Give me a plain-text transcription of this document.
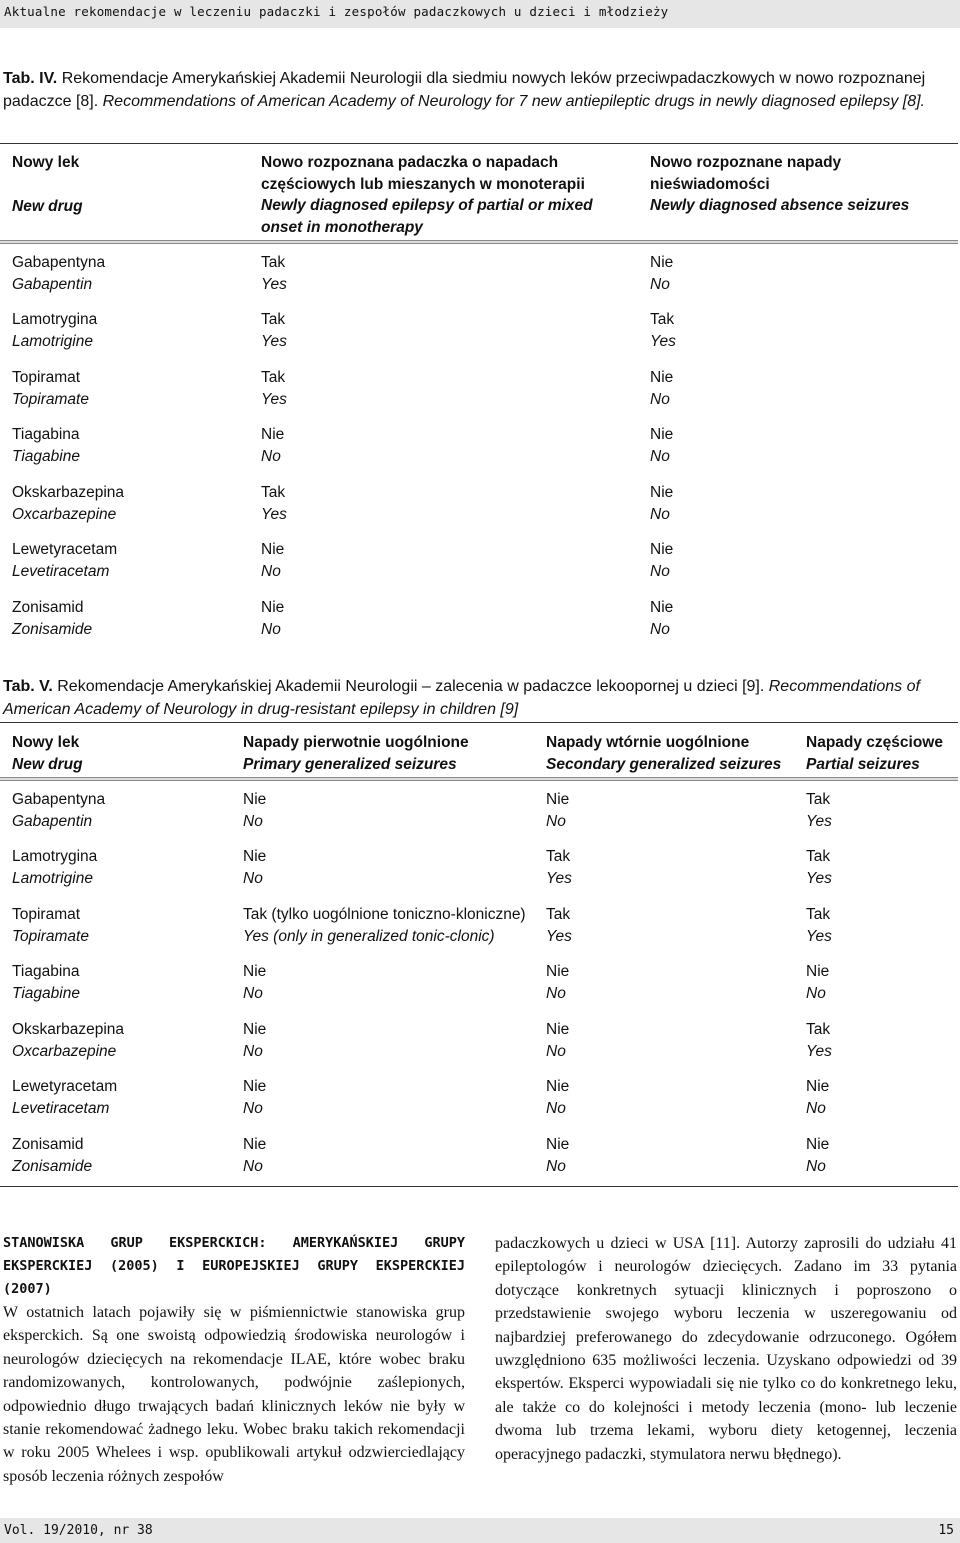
Aktualne rekomendacje w leczeniu padaczki i zespołów padaczkowych u dzieci i młodzieży
Tab. IV. Rekomendacje Amerykańskiej Akademii Neurologii dla siedmiu nowych leków przeciwpadaczkowych w nowo rozpoznanej padaczce [8]. Recommendations of American Academy of Neurology for 7 new antiepileptic drugs in newly diagnosed epilepsy [8].
Nowy lek
New drug
Nowo rozpoznana padaczka o napadach częściowych lub mieszanych w monoterapii
Newly diagnosed epilepsy of partial or mixed onset in monotherapy
Nowo rozpoznane napady nieświadomości
Newly diagnosed absence seizures
Gabapentyna
Gabapentin
Tak
Yes
Nie
No
Lamotrygina
Lamotrigine
Tak
Yes
Tak
Yes
Topiramat
Topiramate
Tak
Yes
Nie
No
Tiagabina
Tiagabine
Nie
No
Nie
No
Okskarbazepina
Oxcarbazepine
Tak
Yes
Nie
No
Lewetyracetam
Levetiracetam
Nie
No
Nie
No
Zonisamid
Zonisamide
Nie
No
Nie
No
Tab. V. Rekomendacje Amerykańskiej Akademii Neurologii – zalecenia w padaczce lekoopornej u dzieci [9]. Recommendations of American Academy of Neurology in drug-resistant epilepsy in children [9]
Nowy lek
New drug
Napady pierwotnie uogólnione
Primary generalized seizures
Napady wtórnie uogólnione
Secondary generalized seizures
Napady częściowe
Partial seizures
Gabapentyna
Gabapentin
Nie
No
Nie
No
Tak
Yes
Lamotrygina
Lamotrigine
Nie
No
Tak
Yes
Tak
Yes
Topiramat
Topiramate
Tak (tylko uogólnione toniczno-kloniczne)
Yes (only in generalized tonic-clonic)
Tak
Yes
Tak
Yes
Tiagabina
Tiagabine
Nie
No
Nie
No
Nie
No
Okskarbazepina
Oxcarbazepine
Nie
No
Nie
No
Tak
Yes
Lewetyracetam
Levetiracetam
Nie
No
Nie
No
Nie
No
Zonisamid
Zonisamide
Nie
No
Nie
No
Nie
No
STANOWISKA GRUP EKSPERCKICH: AMERYKAŃSKIEJ GRUPY EKSPERCKIEJ (2005) I EUROPEJSKIEJ GRUPY EKSPERCKIEJ (2007)
W ostatnich latach pojawiły się w piśmiennictwie stanowiska grup eksperckich. Są one swoistą odpowiedzią środowiska neurologów i neurologów dziecięcych na rekomendacje ILAE, które wobec braku randomizowanych, kontrolowanych, podwójnie zaślepionych, odpowiednio długo trwających badań klinicznych leków nie były w stanie rekomendować żadnego leku. Wobec braku takich rekomendacji w roku 2005 Whelees i wsp. opublikowali artykuł odzwierciedlający sposób leczenia różnych zespołów
padaczkowych u dzieci w USA [11]. Autorzy zaprosili do udziału 41 epileptologów i neurologów dziecięcych. Zadano im 33 pytania dotyczące konkretnych sytuacji klinicznych i poproszono o przedstawienie swojego wyboru leczenia w uszeregowaniu od najbardziej preferowanego do zdecydowanie odrzuconego. Ogółem uwzględniono 635 możliwości leczenia. Uzyskano odpowiedzi od 39 ekspertów. Eksperci wypowiadali się nie tylko co do konkretnego leku, ale także co do kolejności i metody leczenia (mono- lub leczenie dwoma lub trzema lekami, wyboru diety ketogennej, leczenia operacyjnego padaczki, stymulatora nerwu błędnego).
Vol. 19/2010, nr 38	15
